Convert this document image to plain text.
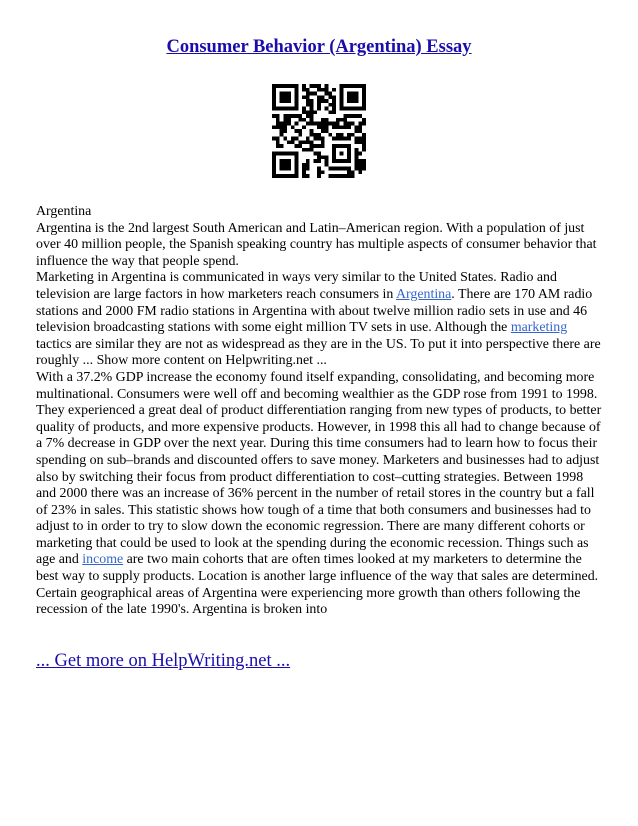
Consumer Behavior (Argentina) Essay

Argentina

Argentina is the 2nd largest South American and Latin–American region. With a population of just over 40 million people, the Spanish speaking country has multiple aspects of consumer behavior that influence the way that people spend.

Marketing in Argentina is communicated in ways very similar to the United States. Radio and television are large factors in how marketers reach consumers in Argentina. There are 170 AM radio stations and 2000 FM radio stations in Argentina with about twelve million radio sets in use and 46 television broadcasting stations with some eight million TV sets in use. Although the marketing tactics are similar they are not as widespread as they are in the US. To put it into perspective there are roughly ... Show more content on Helpwriting.net ...

With a 37.2% GDP increase the economy found itself expanding, consolidating, and becoming more multinational. Consumers were well off and becoming wealthier as the GDP rose from 1991 to 1998. They experienced a great deal of product differentiation ranging from new types of products, to better quality of products, and more expensive products. However, in 1998 this all had to change because of a 7% decrease in GDP over the next year. During this time consumers had to learn how to focus their spending on sub–brands and discounted offers to save money. Marketers and businesses had to adjust also by switching their focus from product differentiation to cost–cutting strategies. Between 1998 and 2000 there was an increase of 36% percent in the number of retail stores in the country but a fall of 23% in sales. This statistic shows how tough of a time that both consumers and businesses had to adjust to in order to try to slow down the economic regression. There are many different cohorts or marketing that could be used to look at the spending during the economic recession. Things such as age and income are two main cohorts that are often times looked at my marketers to determine the best way to supply products. Location is another large influence of the way that sales are determined. Certain geographical areas of Argentina were experiencing more growth than others following the recession of the late 1990's. Argentina is broken into

... Get more on HelpWriting.net ...
